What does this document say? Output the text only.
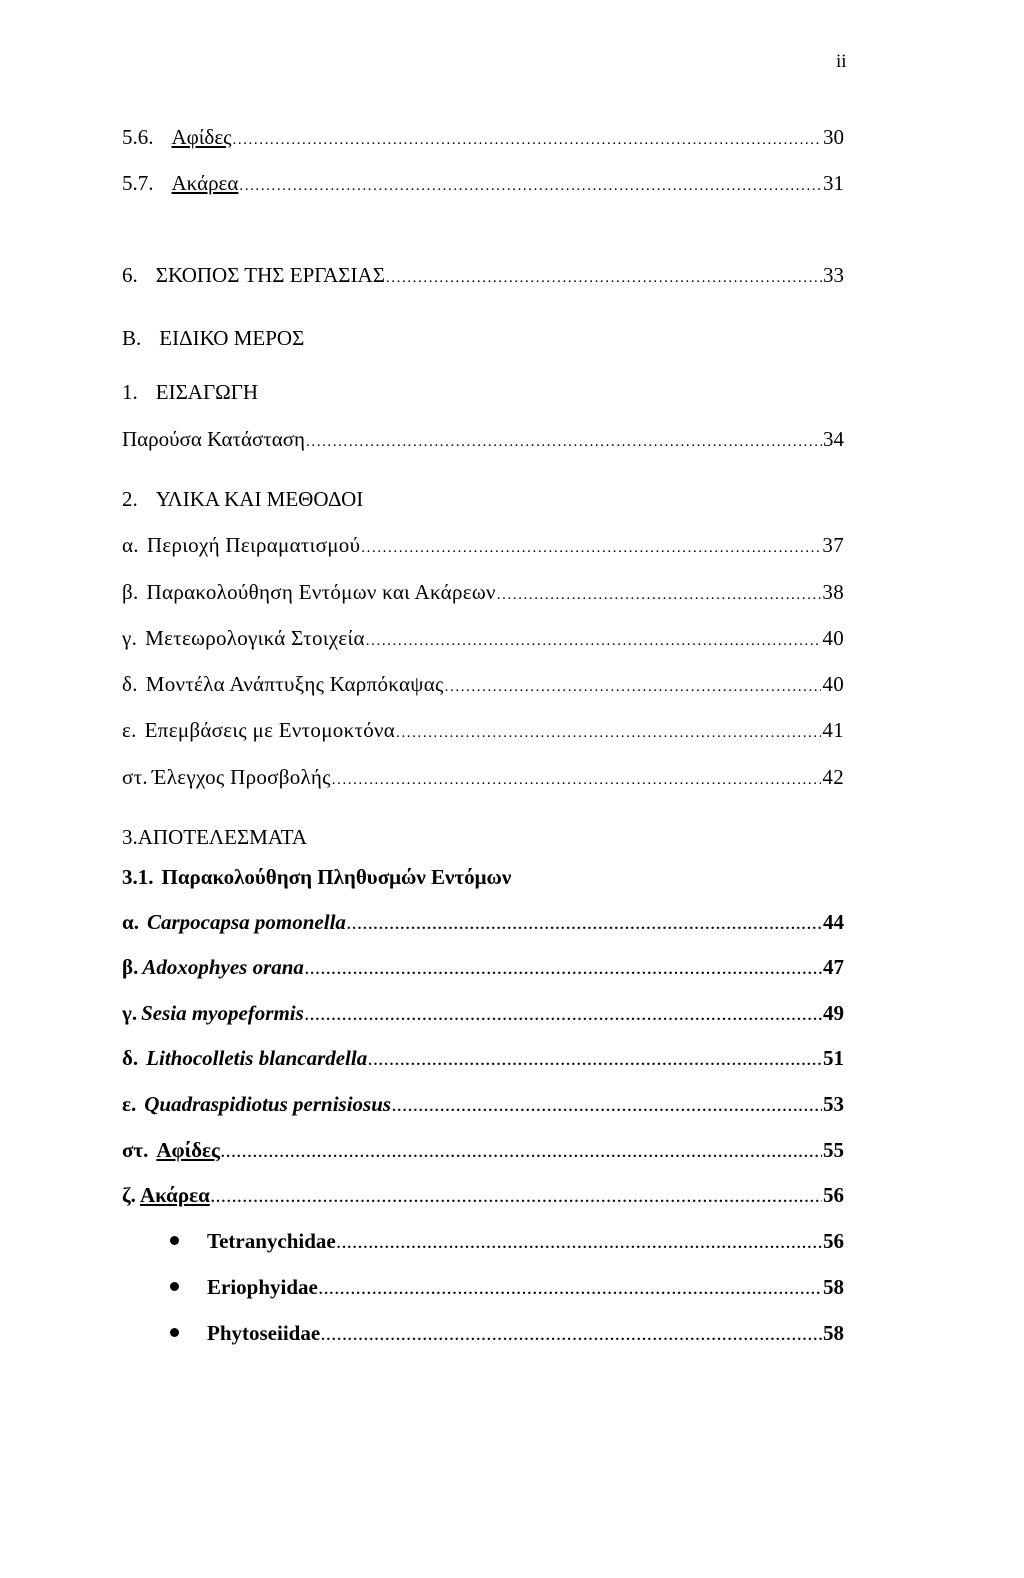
ii
5.6. Αφίδες .....	30
5.7. Ακάρεα .....	31
6. ΣΚΟΠΟΣ ΤΗΣ ΕΡΓΑΣΙΑΣ .....	33
Β. ΕΙΔΙΚΟ ΜΕΡΟΣ
1. ΕΙΣΑΓΩΓΗ
Παρούσα Κατάσταση .....	34
2. ΥΛΙΚΑ ΚΑΙ ΜΕΘΟΔΟΙ
α. Περιοχή Πειραματισμού .....	37
β. Παρακολούθηση Εντόμων και Ακάρεων .....	38
γ. Μετεωρολογικά Στοιχεία .....	40
δ. Μοντέλα Ανάπτυξης Καρπόκαψας .....	40
ε. Επεμβάσεις με Εντομοκτόνα .....	41
στ. Έλεγχος Προσβολής .....	42
3.ΑΠΟΤΕΛΕΣΜΑΤΑ
3.1. Παρακολούθηση Πληθυσμών Εντόμων
α. Carpocapsa pomonella .....	44
β. Adoxophyes orana .....	47
γ. Sesia myopeformis .....	49
δ. Lithocolletis blancardella .....	51
ε. Quadraspidiotus pernisiosus .....	53
στ. Αφίδες .....	55
ζ. Ακάρεα .....	56
Tetranychidae .....	56
Eriophyidae .....	58
Phytoseiidae .....	58
